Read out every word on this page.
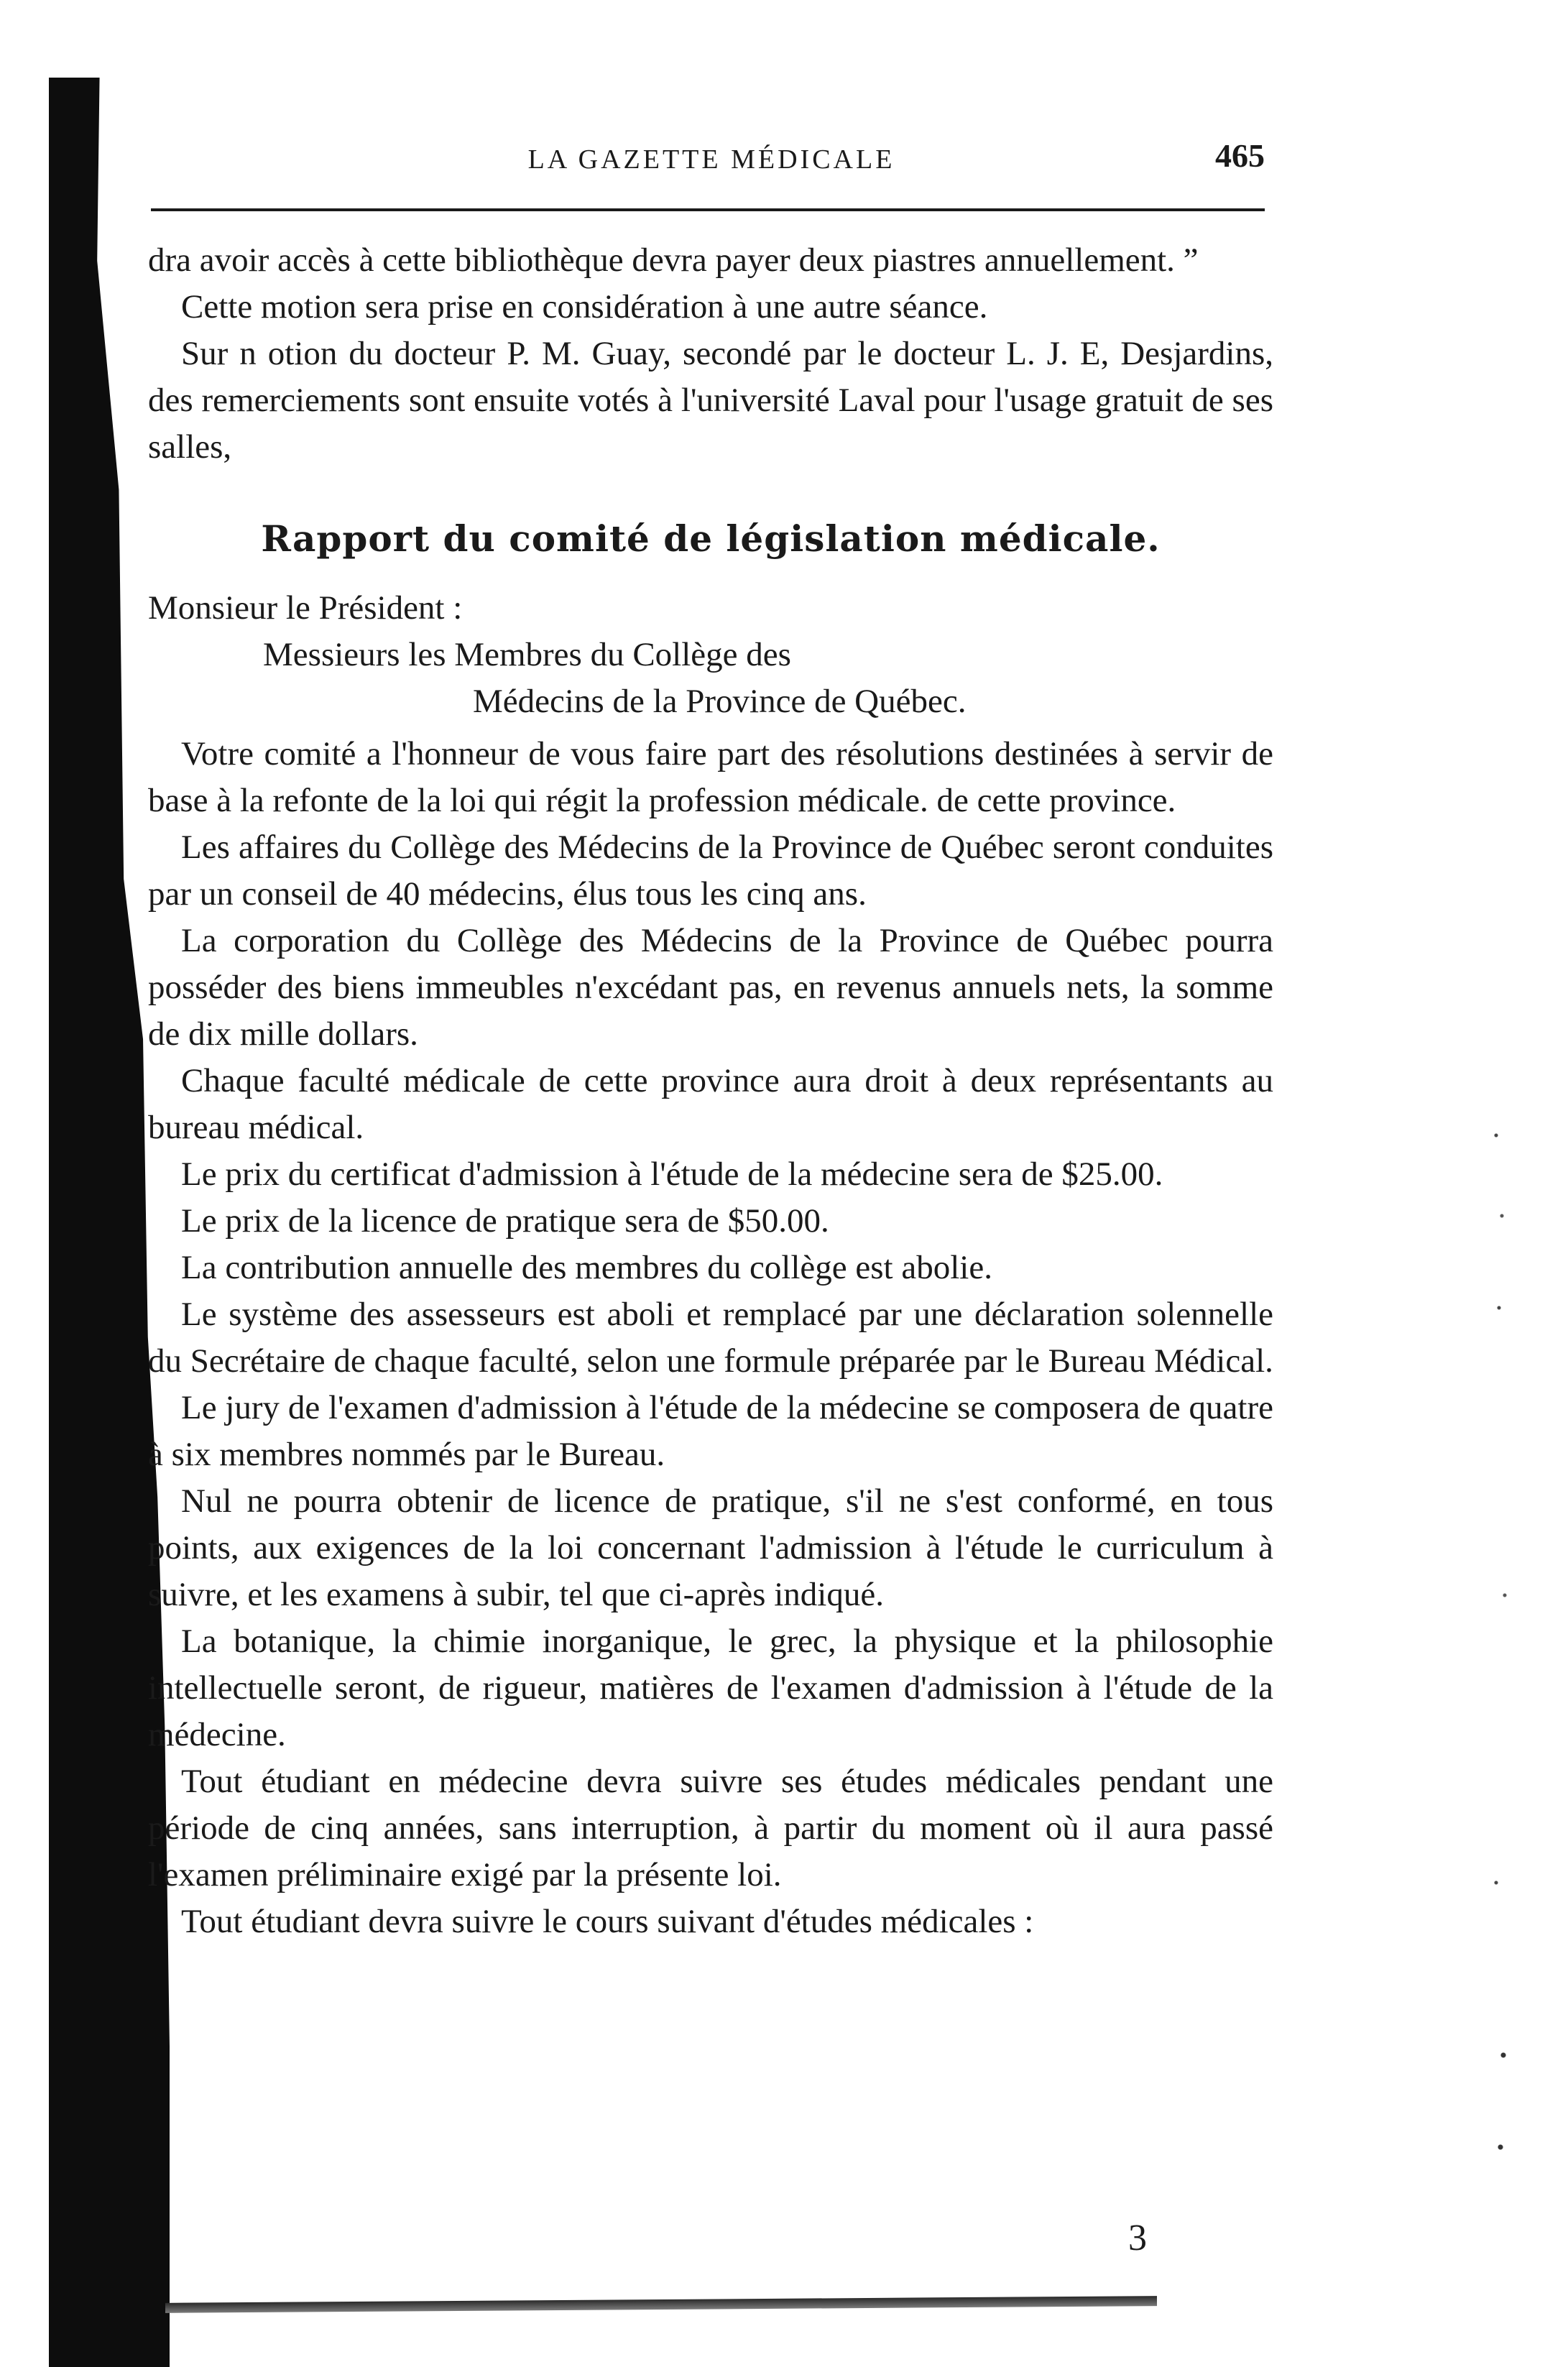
LA GAZETTE MÉDICALE	465

dra avoir accès à cette bibliothèque devra payer deux piastres annuellement. ”

Cette motion sera prise en considération à une autre séance.

Sur n otion du docteur P. M. Guay, secondé par le docteur L. J. E, Desjardins, des remerciements sont ensuite votés à l'université Laval pour l'usage gratuit de ses salles,

Rapport du comité de législation médicale.

Monsieur le Président :

Messieurs les Membres du Collège des

Médecins de la Province de Québec.

Votre comité a l'honneur de vous faire part des résolutions destinées à servir de base à la refonte de la loi qui régit la profession médicale. de cette province.

Les affaires du Collège des Médecins de la Province de Québec seront conduites par un conseil de 40 médecins, élus tous les cinq ans.

La corporation du Collège des Médecins de la Province de Québec pourra posséder des biens immeubles n'excédant pas, en revenus annuels nets, la somme de dix mille dollars.

Chaque faculté médicale de cette province aura droit à deux représentants au bureau médical.

Le prix du certificat d'admission à l'étude de la médecine sera de $25.00.

Le prix de la licence de pratique sera de $50.00.

La contribution annuelle des membres du collège est abolie.

Le système des assesseurs est aboli et remplacé par une déclaration solennelle du Secrétaire de chaque faculté, selon une formule préparée par le Bureau Médical.

Le jury de l'examen d'admission à l'étude de la médecine se composera de quatre à six membres nommés par le Bureau.

Nul ne pourra obtenir de licence de pratique, s'il ne s'est conformé, en tous points, aux exigences de la loi concernant l'admission à l'étude le curriculum à suivre, et les examens à subir, tel que ci-après indiqué.

La botanique, la chimie inorganique, le grec, la physique et la philosophie intellectuelle seront, de rigueur, matières de l'examen d'admission à l'étude de la médecine.

Tout étudiant en médecine devra suivre ses études médicales pendant une période de cinq années, sans interruption, à partir du moment où il aura passé l'examen préliminaire exigé par la présente loi.

Tout étudiant devra suivre le cours suivant d'études médicales :

3
